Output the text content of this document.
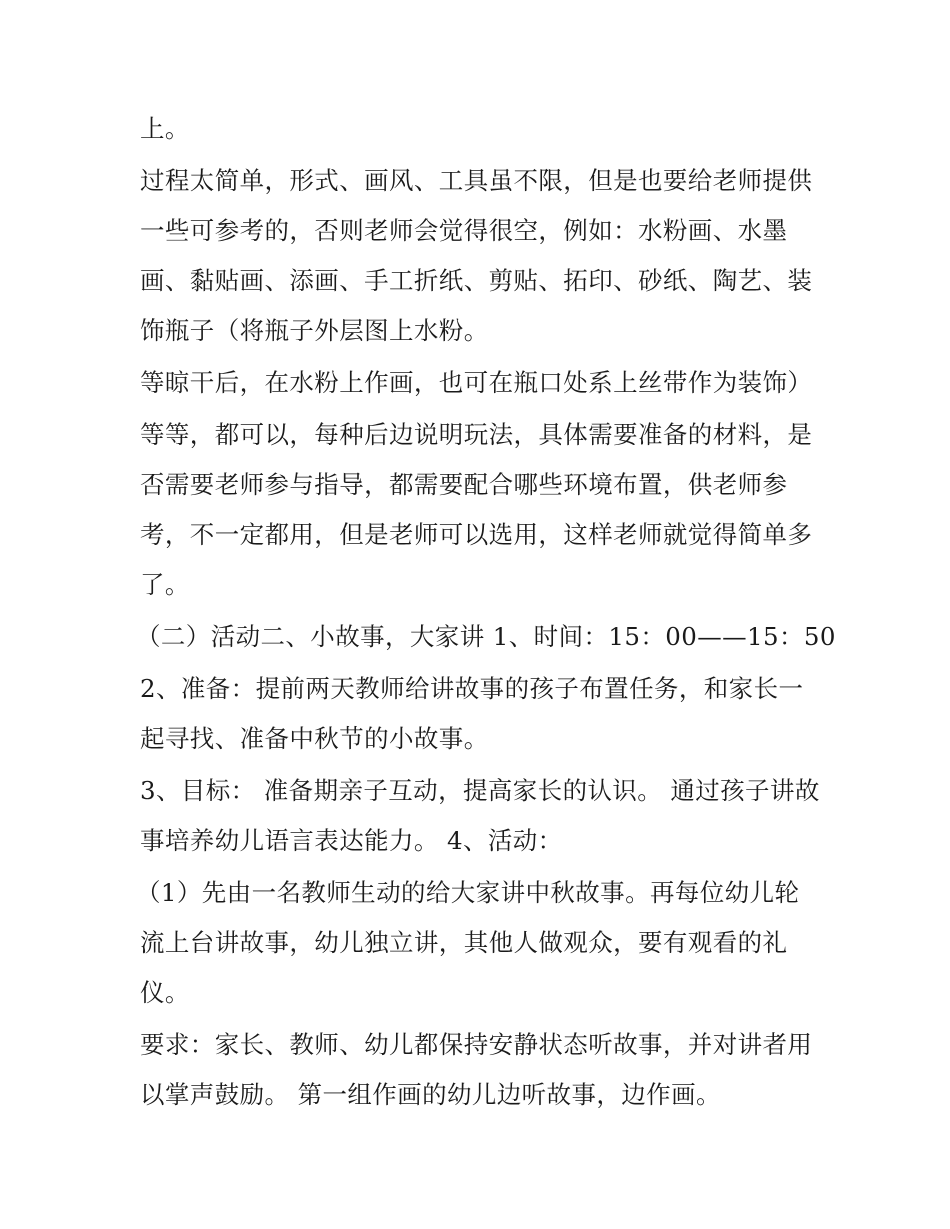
上。
过程太简单，形式、画风、工具虽不限，但是也要给老师提供
一些可参考的，否则老师会觉得很空，例如：水粉画、水墨
画、黏贴画、添画、手工折纸、剪贴、拓印、砂纸、陶艺、装
饰瓶子（将瓶子外层图上水粉。
等晾干后，在水粉上作画，也可在瓶口处系上丝带作为装饰）
等等，都可以，每种后边说明玩法，具体需要准备的材料，是
否需要老师参与指导，都需要配合哪些环境布置，供老师参
考，不一定都用，但是老师可以选用，这样老师就觉得简单多
了。
（二）活动二、小故事，大家讲 1、时间：15：00——15：50
2、准备：提前两天教师给讲故事的孩子布置任务，和家长一
起寻找、准备中秋节的小故事。
3、目标： 准备期亲子互动，提高家长的认识。 通过孩子讲故
事培养幼儿语言表达能力。 4、活动：
（1）先由一名教师生动的给大家讲中秋故事。再每位幼儿轮
流上台讲故事，幼儿独立讲，其他人做观众，要有观看的礼
仪。
要求：家长、教师、幼儿都保持安静状态听故事，并对讲者用
以掌声鼓励。 第一组作画的幼儿边听故事，边作画。
